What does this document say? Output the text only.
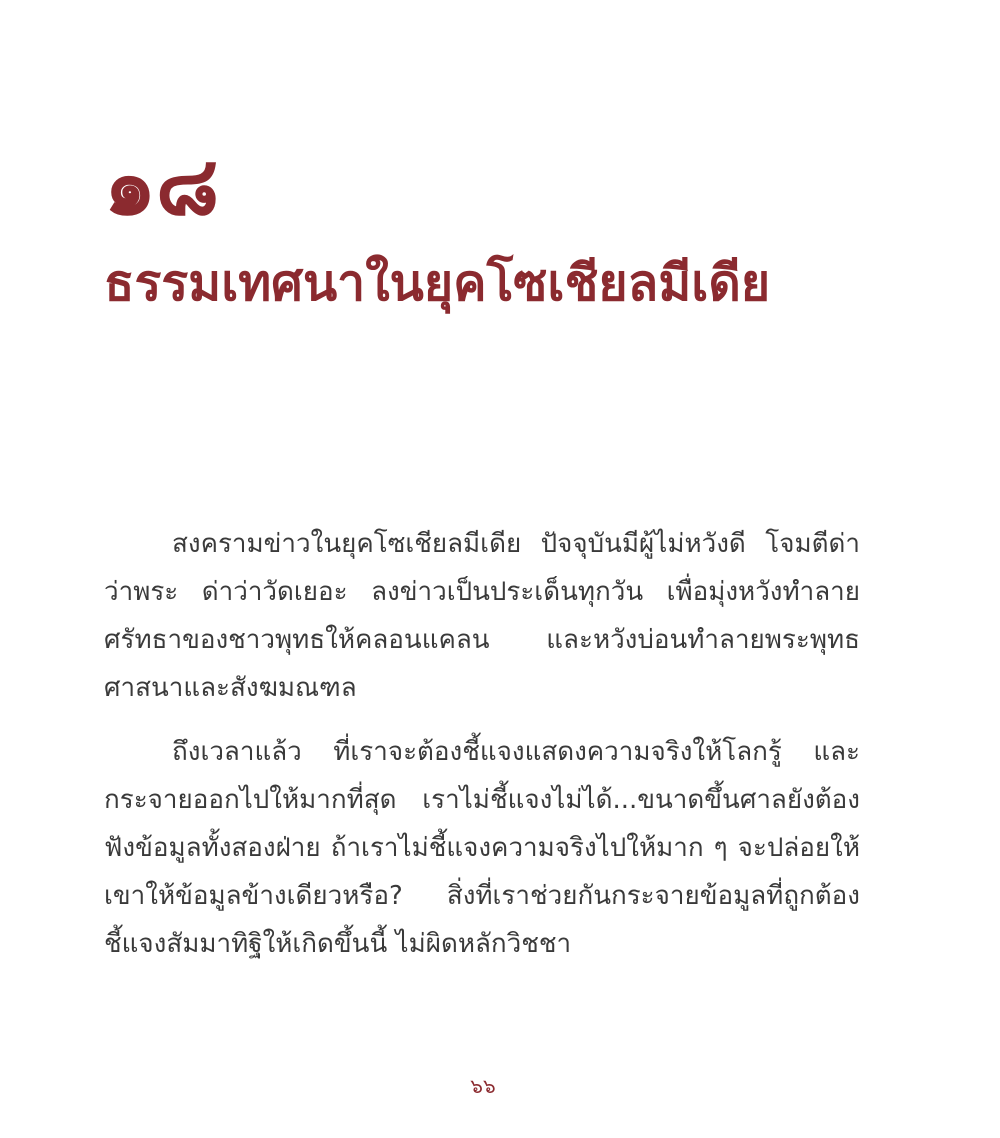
๑๘
ธรรมเทศนาในยุคโซเชียลมีเดีย

สงครามข่าวในยุคโซเชียลมีเดีย ปัจจุบันมีผู้ไม่หวังดี โจมตีด่าว่าพระ ด่าว่าวัดเยอะ ลงข่าวเป็นประเด็นทุกวัน เพื่อมุ่งหวังทำลายศรัทธาของชาวพุทธให้คลอนแคลน และหวังบ่อนทำลายพระพุทธศาสนาและสังฆมณฑล

ถึงเวลาแล้ว ที่เราจะต้องชี้แจงแสดงความจริงให้โลกรู้ และกระจายออกไปให้มากที่สุด เราไม่ชี้แจงไม่ได้...ขนาดขึ้นศาลยังต้องฟังข้อมูลทั้งสองฝ่าย ถ้าเราไม่ชี้แจงความจริงไปให้มาก ๆ จะปล่อยให้เขาให้ข้อมูลข้างเดียวหรือ? สิ่งที่เราช่วยกันกระจายข้อมูลที่ถูกต้องชี้แจงสัมมาทิฐิให้เกิดขึ้นนี้ ไม่ผิดหลักวิชชา

๖๖
